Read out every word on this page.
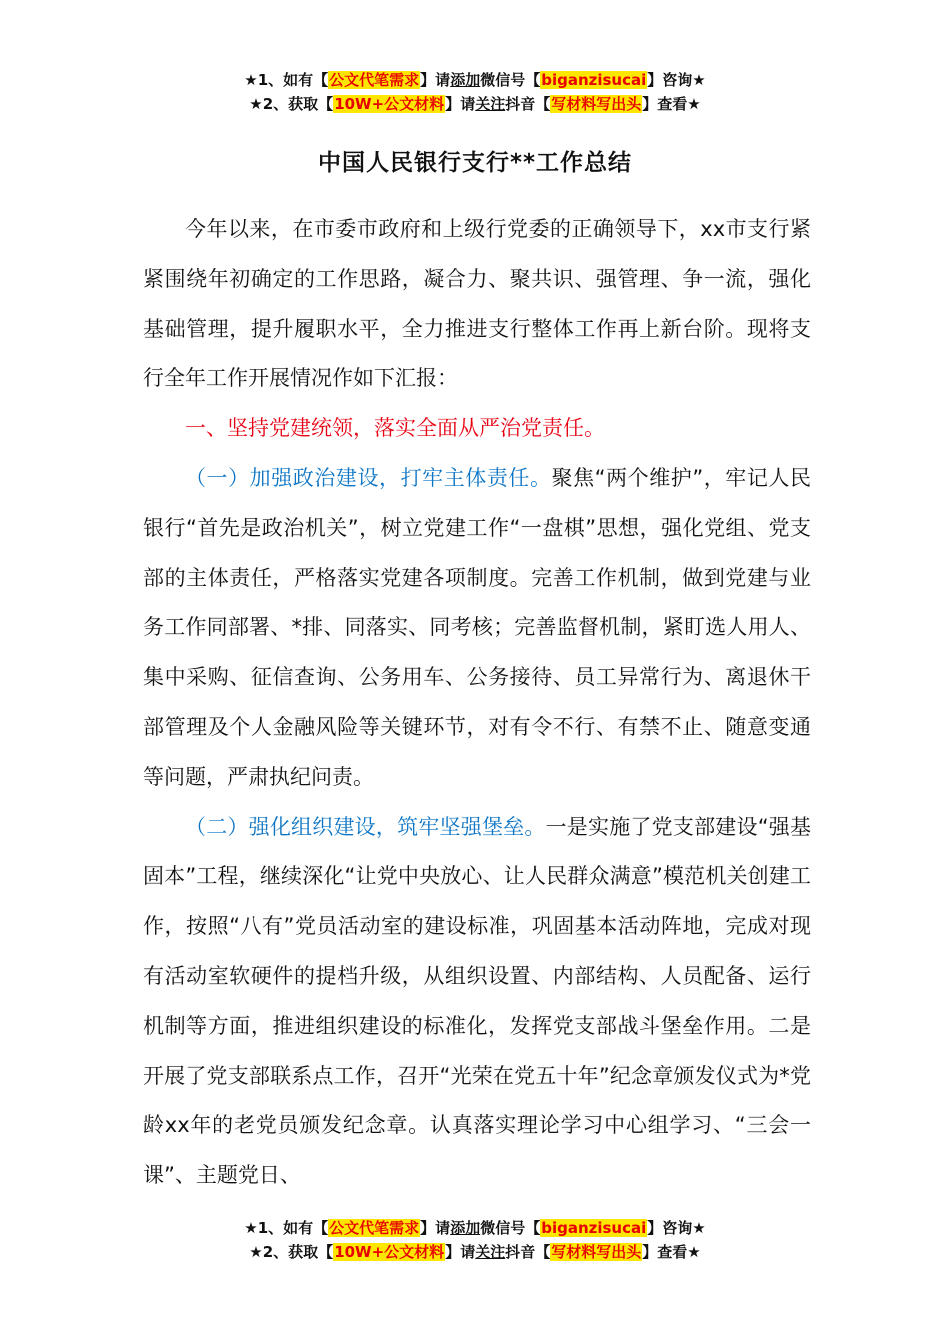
★1、如有【公文代笔需求】请添加微信号【biganzisucai】咨询★
★2、获取【10W+公文材料】请关注抖音【写材料写出头】查看★
中国人民银行支行**工作总结

今年以来，在市委市政府和上级行党委的正确领导下，xx市支行紧紧围绕年初确定的工作思路，凝合力、聚共识、强管理、争一流，强化基础管理，提升履职水平，全力推进支行整体工作再上新台阶。现将支行全年工作开展情况作如下汇报：

一、坚持党建统领，落实全面从严治党责任。

（一）加强政治建设，打牢主体责任。聚焦“两个维护”，牢记人民银行“首先是政治机关”，树立党建工作“一盘棋”思想，强化党组、党支部的主体责任，严格落实党建各项制度。完善工作机制，做到党建与业务工作同部署、*排、同落实、同考核；完善监督机制，紧盯选人用人、集中采购、征信查询、公务用车、公务接待、员工异常行为、离退休干部管理及个人金融风险等关键环节，对有令不行、有禁不止、随意变通等问题，严肃执纪问责。

（二）强化组织建设，筑牢坚强堡垒。一是实施了党支部建设“强基固本”工程，继续深化“让党中央放心、让人民群众满意”模范机关创建工作，按照“八有”党员活动室的建设标准，巩固基本活动阵地，完成对现有活动室软硬件的提档升级，从组织设置、内部结构、人员配备、运行机制等方面，推进组织建设的标准化，发挥党支部战斗堡垒作用。二是开展了党支部联系点工作，召开“光荣在党五十年”纪念章颁发仪式为*党龄xx年的老党员颁发纪念章。认真落实理论学习中心组学习、“三会一课”、主题党日、

★1、如有【公文代笔需求】请添加微信号【biganzisucai】咨询★
★2、获取【10W+公文材料】请关注抖音【写材料写出头】查看★
